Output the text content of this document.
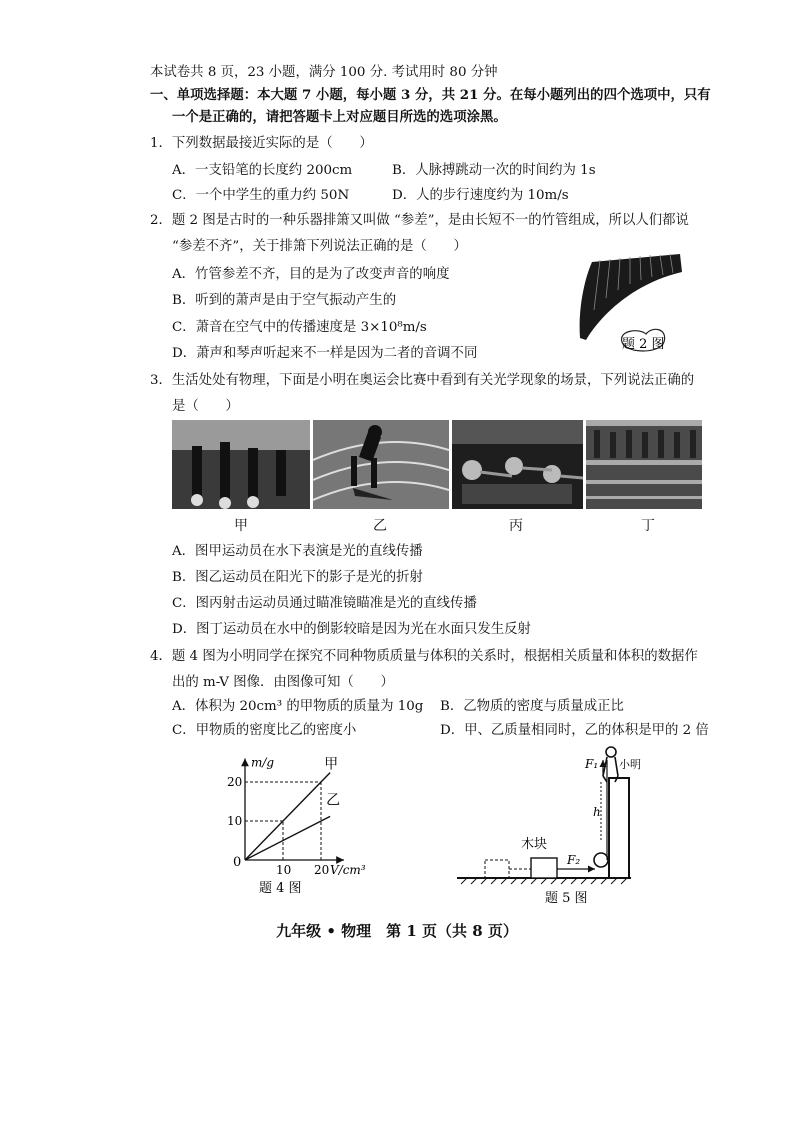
本试卷共 8 页，23 小题，满分 100 分. 考试用时 80 分钟
一、单项选择题：本大题 7 小题，每小题 3 分，共 21 分。在每小题列出的四个选项中，只有
一个是正确的，请把答题卡上对应题目所选的选项涂黑。
1．下列数据最接近实际的是（　　）
A．一支铅笔的长度约 200cm	B．人脉搏跳动一次的时间约为 1s
C．一个中学生的重力约 50N	D．人的步行速度约为 10m/s
2．题 2 图是古时的一种乐器排箫又叫做 “参差”，是由长短不一的竹管组成，所以人们都说
“参差不齐”，关于排箫下列说法正确的是（　　）
A．竹管参差不齐，目的是为了改变声音的响度
B．听到的萧声是由于空气振动产生的
C．萧音在空气中的传播速度是 3×10⁸m/s
D．萧声和琴声听起来不一样是因为二者的音调不同
题 2 图
3．生活处处有物理，下面是小明在奥运会比赛中看到有关光学现象的场景，下列说法正确的
是（　　）
甲	乙	丙	丁
A．图甲运动员在水下表演是光的直线传播
B．图乙运动员在阳光下的影子是光的折射
C．图丙射击运动员通过瞄准镜瞄准是光的直线传播
D．图丁运动员在水中的倒影较暗是因为光在水面只发生反射
4．题 4 图为小明同学在探究不同种物质质量与体积的关系时，根据相关质量和体积的数据作
出的 m-V 图像．由图像可知（　　）
A．体积为 20cm³ 的甲物质的质量为 10g B．乙物质的密度与质量成正比
C．甲物质的密度比乙的密度小	D．甲、乙质量相同时，乙的体积是甲的 2 倍
甲
乙
10 20
10
20
m/g
V/cm³
0
题 4 图
木块
F₂
小明
F₁
h
题 5 图
九年级 • 物理　第 1 页（共 8 页）
